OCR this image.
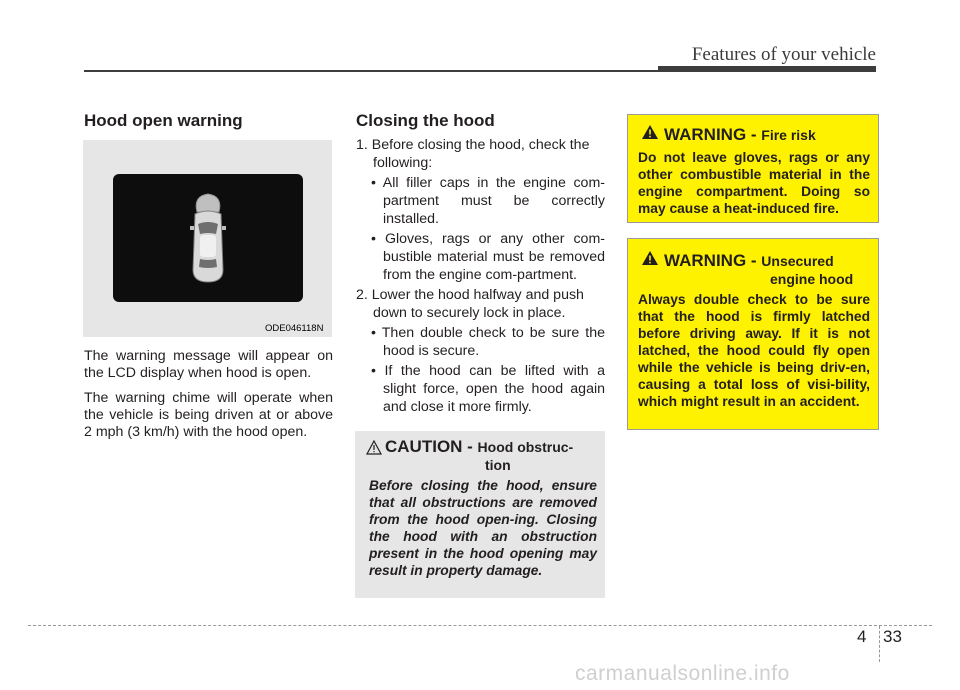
Features of your vehicle
Hood open warning
ODE046118N

The warning message will appear on the LCD display when hood is open.

The warning chime will operate when the vehicle is being driven at or above 2 mph (3 km/h) with the hood open.

Closing the hood
1. Before closing the hood, check the following:
• All filler caps in the engine com-partment must be correctly installed.
• Gloves, rags or any other com-bustible material must be removed from the engine com-partment.
2. Lower the hood halfway and push down to securely lock in place.
• Then double check to be sure the hood is secure.
• If the hood can be lifted with a slight force, open the hood again and close it more firmly.
CAUTION - Hood obstruc-
tion
Before closing the hood, ensure that all obstructions are removed from the hood open-ing. Closing the hood with an obstruction present in the hood opening may result in property damage.
WARNING - Fire risk
Do not leave gloves, rags or any other combustible material in the engine compartment. Doing so may cause a heat-induced fire.
WARNING - Unsecured
engine hood
Always double check to be sure that the hood is firmly latched before driving away. If it is not latched, the hood could fly open while the vehicle is being driv-en, causing a total loss of visi-bility, which might result in an accident.
4 33
carmanualsonline.info
